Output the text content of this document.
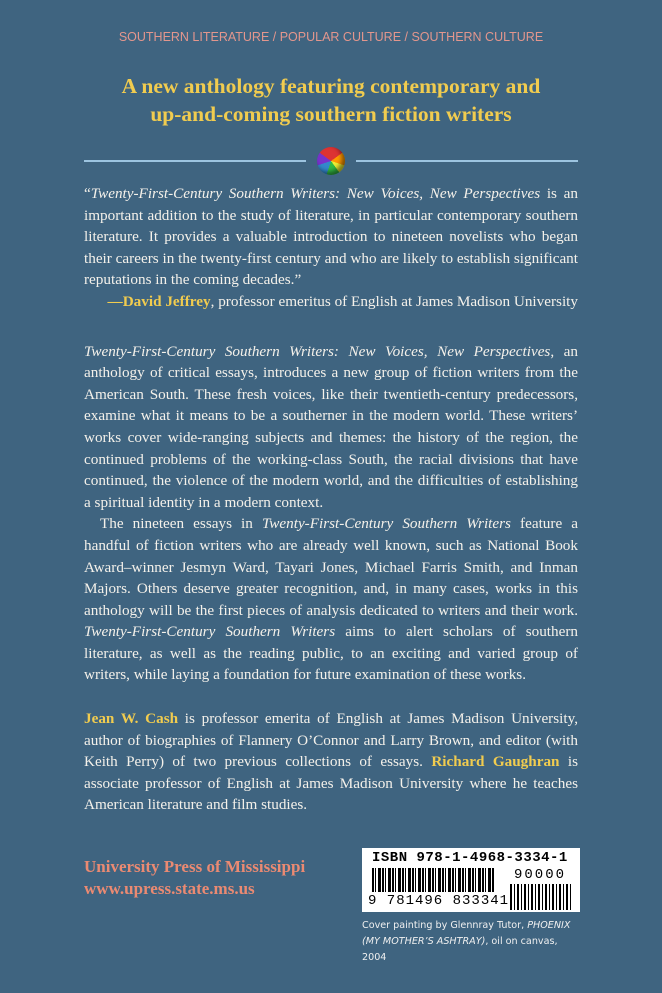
SOUTHERN LITERATURE / POPULAR CULTURE / SOUTHERN CULTURE
A new anthology featuring contemporary and
up-and-coming southern fiction writers

“Twenty-First-Century Southern Writers: New Voices, New Perspectives is an important addition to the study of literature, in particular contemporary southern literature. It provides a valuable introduction to nineteen novelists who began their careers in the twenty-first century and who are likely to establish significant reputations in the coming decades.”

—David Jeffrey, professor emeritus of English at James Madison University

Twenty-First-Century Southern Writers: New Voices, New Perspectives, an anthology of critical essays, introduces a new group of fiction writers from the American South. These fresh voices, like their twentieth-century predecessors, examine what it means to be a southerner in the modern world. These writers’ works cover wide-ranging subjects and themes: the history of the region, the continued problems of the working-class South, the racial divisions that have continued, the violence of the modern world, and the difficulties of establishing a spiritual identity in a modern context.

The nineteen essays in Twenty-First-Century Southern Writers feature a handful of fiction writers who are already well known, such as National Book Award–winner Jesmyn Ward, Tayari Jones, Michael Farris Smith, and Inman Majors. Others deserve greater recognition, and, in many cases, works in this anthology will be the first pieces of analysis dedicated to writers and their work. Twenty-First-Century Southern Writers aims to alert scholars of southern literature, as well as the reading public, to an exciting and varied group of writers, while laying a foundation for future examination of these works.

Jean W. Cash is professor emerita of English at James Madison University, author of biographies of Flannery O’Connor and Larry Brown, and editor (with Keith Perry) of two previous collections of essays. Richard Gaughran is associate professor of English at James Madison University where he teaches American literature and film studies.

University Press of Mississippi
www.upress.state.ms.us
ISBN 978-1-4968-3334-1
90000
9 781496 833341
Cover painting by Glennray Tutor, PHOENIX (MY MOTHER’S ASHTRAY), oil on canvas, 2004
